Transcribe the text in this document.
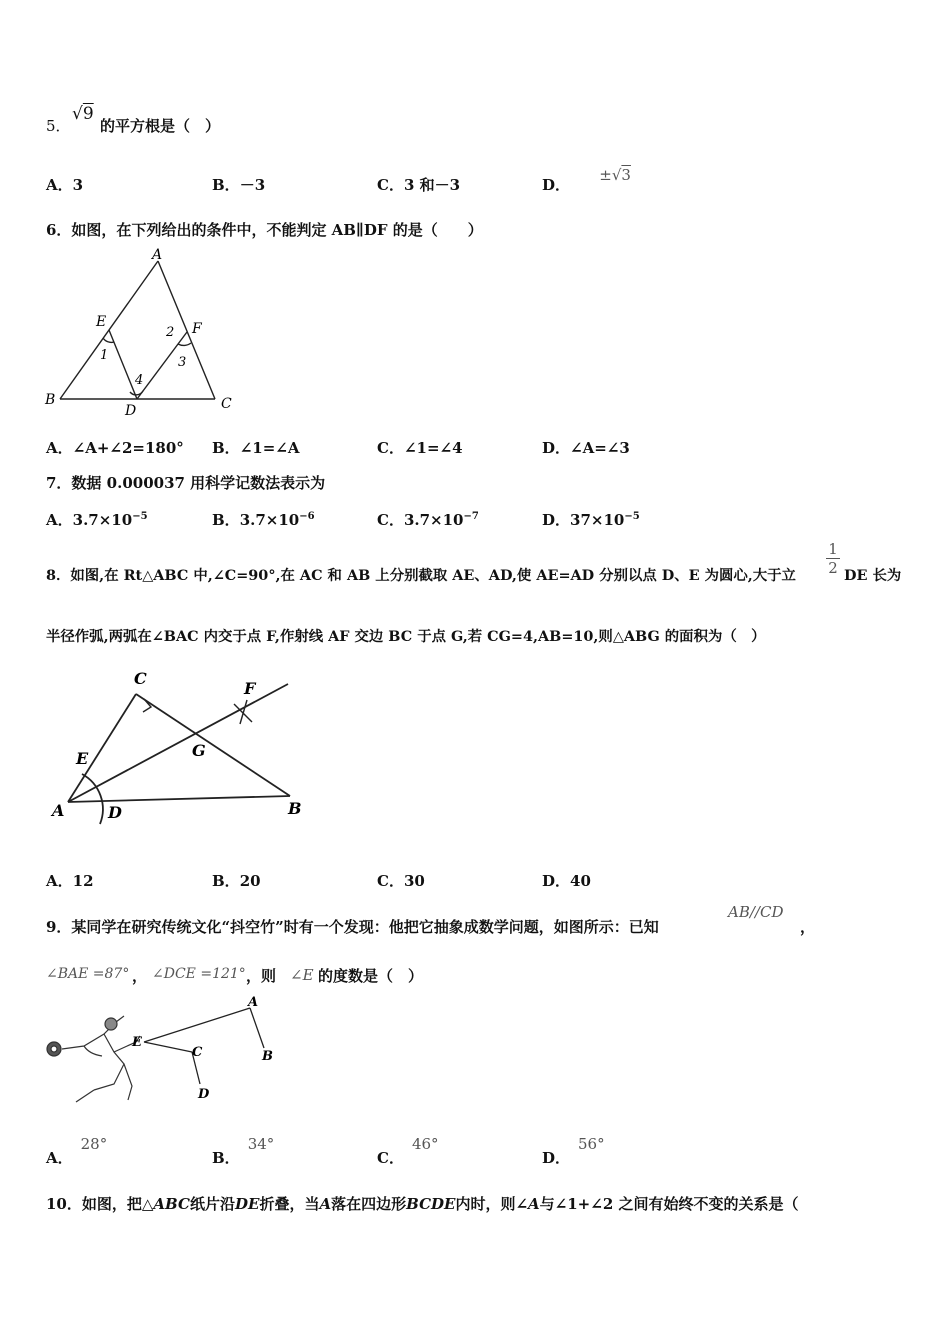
5．
√9
的平方根是（　）
A．3	B．－3	C．3 和－3	D． ±√3
6．如图，在下列给出的条件中，不能判定 AB∥DF 的是（　　）
A
B	C
D
E	F
1
2
3
4
A．∠A+∠2=180° B．∠1=∠A	C．∠1=∠4	D．∠A=∠3
7．数据 0.000037 用科学记数法表示为
A．$3.7\times 10^{-5}$	B．$3.7\times 10^{-6}$	C．$3.7\times 10^{-7}$	D．$37\times 10^{-5}$
8．如图,在 Rt△ABC 中,∠C=90°,在 AC 和 AB 上分别截取 AE、AD,使 AE=AD 分别以点 D、E 为圆心,大于立
1
2 DE 长为
半径作弧,两弧在∠BAC 内交于点 F,作射线 AF 交边 BC 于点 G,若 CG=4,AB=10,则△ABG 的面积为（　）
A	B
C
D
E
F
G
A．12	B．20	C．30	D．40
9．某同学在研究传统文化“抖空竹”时有一个发现：他把它抽象成数学问题，如图所示：已知
AB//CD
，
∠BAE =87° ， ∠DCE =121° ，则 ∠E 的度数是（　）
A
B
C
D
E
A．28°
B．34°
C．46°
D．56°
10．如图，把△ABC纸片沿DE折叠，当A落在四边形BCDE内时，则∠A与∠1+∠2 之间有始终不变的关系是（
